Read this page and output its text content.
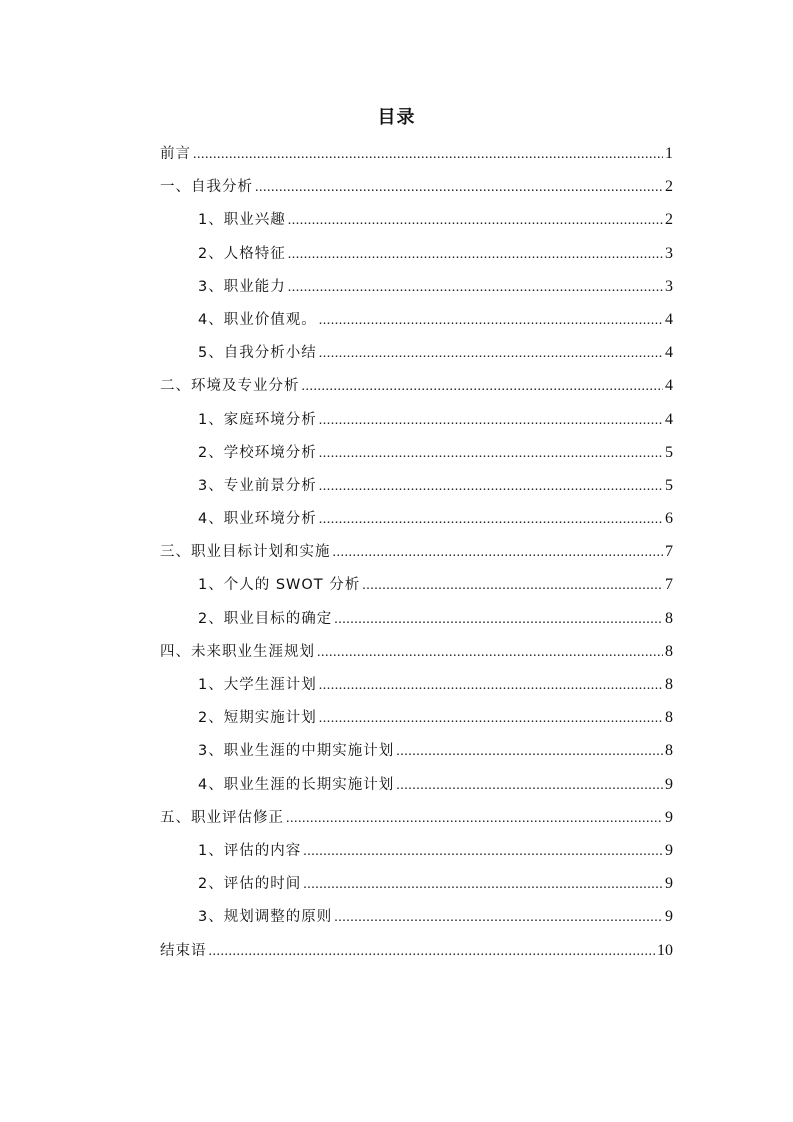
目录
前言 .....	1
一、自我分析 .....	2
1、职业兴趣 .....	2
2、人格特征 .....	3
3、职业能力 .....	3
4、职业价值观。 .....	4
5、自我分析小结 .....	4
二、环境及专业分析 .....	4
1、家庭环境分析 .....	4
2、学校环境分析 .....	5
3、专业前景分析 .....	5
4、职业环境分析 .....	6
三、职业目标计划和实施 .....	7
1、个人的 SWOT 分析 .....	7
2、职业目标的确定 .....	8
四、未来职业生涯规划 .....	8
1、大学生涯计划 .....	8
2、短期实施计划 .....	8
3、职业生涯的中期实施计划 .....	8
4、职业生涯的长期实施计划 .....	9
五、职业评估修正 .....	9
1、评估的内容 .....	9
2、评估的时间 .....	9
3、规划调整的原则 .....	9
结束语 .....	10
